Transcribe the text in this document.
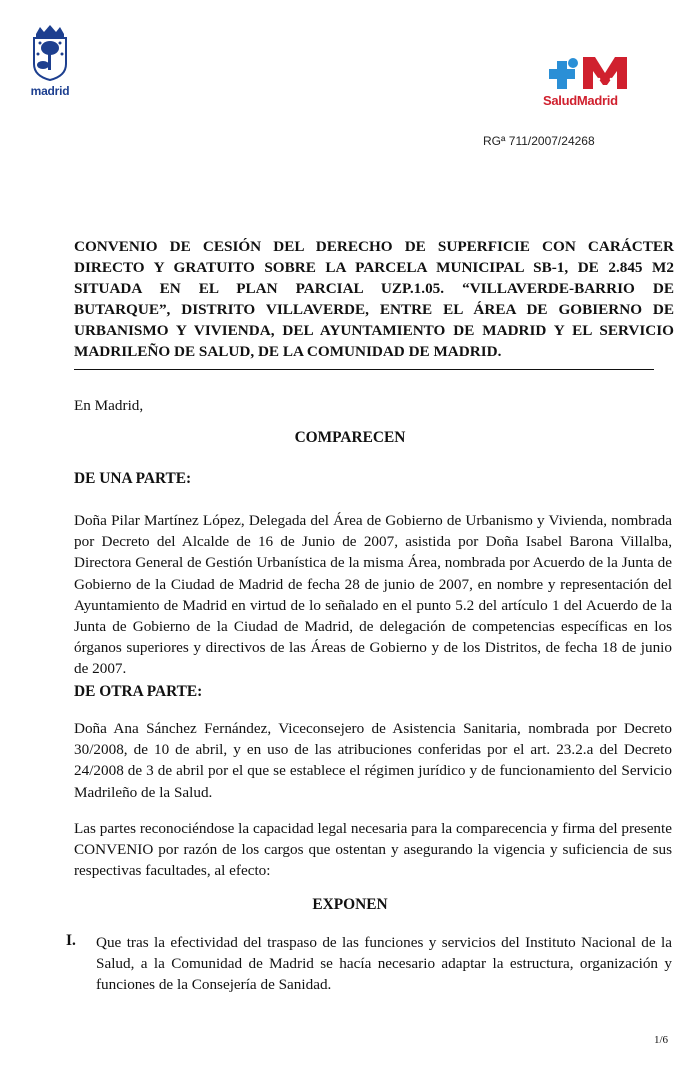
madrid
SaludMadrid
RGª 711/2007/24268

CONVENIO DE CESIÓN DEL DERECHO DE SUPERFICIE CON CARÁCTER DIRECTO Y GRATUITO SOBRE LA PARCELA MUNICIPAL SB-1, DE 2.845 M2 SITUADA EN EL PLAN PARCIAL UZP.1.05. “VILLAVERDE-BARRIO DE BUTARQUE”, DISTRITO VILLAVERDE, ENTRE EL ÁREA DE GOBIERNO DE URBANISMO Y VIVIENDA, DEL AYUNTAMIENTO DE MADRID Y EL SERVICIO MADRILEÑO DE SALUD, DE LA COMUNIDAD DE MADRID.

En Madrid,

COMPARECEN

DE UNA PARTE:

Doña Pilar Martínez López, Delegada del Área de Gobierno de Urbanismo y Vivienda, nombrada por Decreto del Alcalde de 16 de Junio de 2007, asistida por Doña Isabel Barona Villalba, Directora General de Gestión Urbanística de la misma Área, nombrada por Acuerdo de la Junta de Gobierno de la Ciudad de Madrid de fecha 28 de junio de 2007, en nombre y representación del Ayuntamiento de Madrid en virtud de lo señalado en el punto 5.2 del artículo 1 del Acuerdo de la Junta de Gobierno de la Ciudad de Madrid, de delegación de competencias específicas en los órganos superiores y directivos de las Áreas de Gobierno y de los Distritos, de fecha 18 de junio de 2007.

DE OTRA PARTE:

Doña Ana Sánchez Fernández, Viceconsejero de Asistencia Sanitaria, nombrada por Decreto 30/2008, de 10 de abril, y en uso de las atribuciones conferidas por el art. 23.2.a del Decreto 24/2008 de 3 de abril por el que se establece el régimen jurídico y de funcionamiento del Servicio Madrileño de la Salud.

Las partes reconociéndose la capacidad legal necesaria para la comparecencia y firma del presente CONVENIO por razón de los cargos que ostentan y asegurando la vigencia y suficiencia de sus respectivas facultades, al efecto:

EXPONEN

I. Que tras la efectividad del traspaso de las funciones y servicios del Instituto Nacional de la Salud, a la Comunidad de Madrid se hacía necesario adaptar la estructura, organización y funciones de la Consejería de Sanidad.

1/6
